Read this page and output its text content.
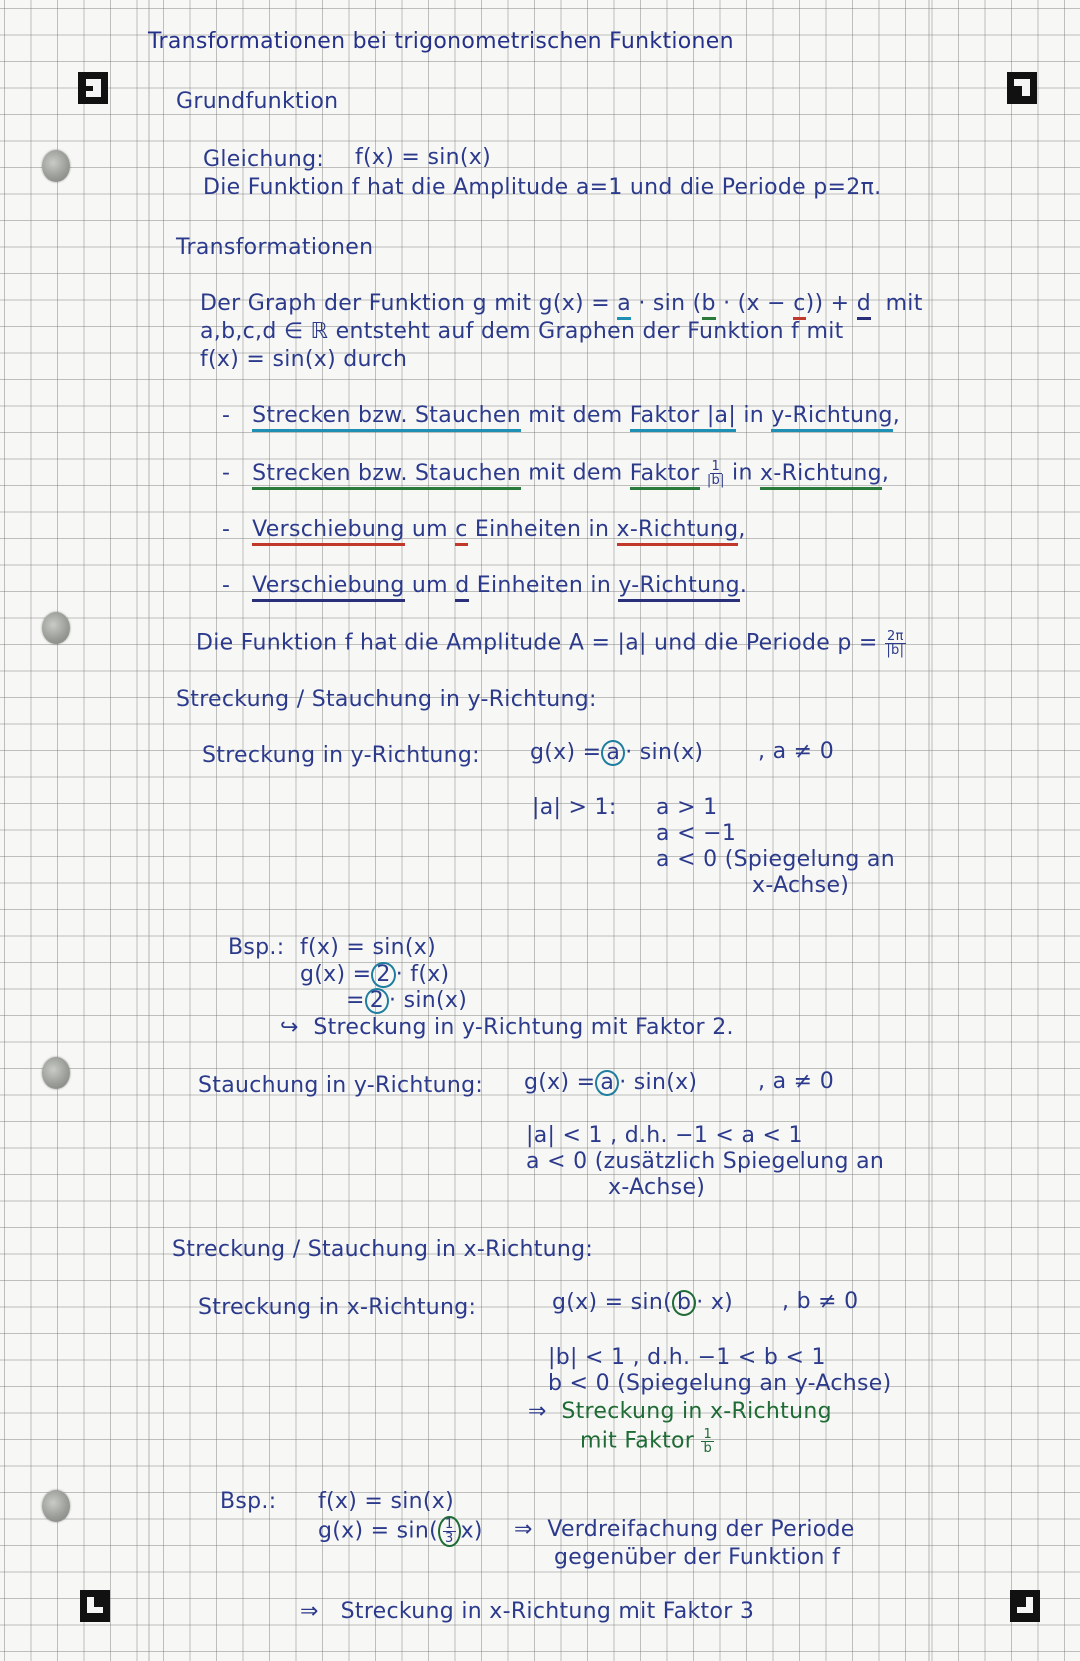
Transformationen bei trigonometrischen Funktionen
Grundfunktion
Gleichung: f(x) = sin(x)
Die Funktion f hat die Amplitude a=1 und die Periode p=2π.
Transformationen
Der Graph der Funktion g mit g(x) = a · sin (b · (x − c)) + d mit
a,b,c,d ∈ ℝ entsteht auf dem Graphen der Funktion f mit
f(x) = sin(x) durch
- Strecken bzw. Stauchen mit dem Faktor |a| in y-Richtung,
- Strecken bzw. Stauchen mit dem Faktor $\frac{1}{|b|}$ in x-Richtung,
- Verschiebung um c Einheiten in x-Richtung,
- Verschiebung um d Einheiten in y-Richtung.
Die Funktion f hat die Amplitude A = |a| und die Periode $p = \frac{2\pi}{|b|}$
Streckung / Stauchung in y-Richtung:
Streckung in y-Richtung: g(x) = a · sin(x) , a ≠ 0
|a| > 1: a > 1
a < −1
a < 0 (Spiegelung an
x-Achse)
Bsp.: f(x) = sin(x)
g(x) = 2 · f(x)
= 2 · sin(x)
↪ Streckung in y-Richtung mit Faktor 2.
Stauchung in y-Richtung: g(x) = a · sin(x)	, a ≠ 0
|a| < 1 , d.h. −1 < a < 1
a < 0 (zusätzlich Spiegelung an
x-Achse)
Streckung / Stauchung in x-Richtung:
Streckung in x-Richtung:	g(x) = sin( b · x) , b ≠ 0
|b| < 1 , d.h. −1 < b < 1
b < 0 (Spiegelung an y-Achse)
⇒ Streckung in x-Richtung
mit Faktor $\frac{1}{b}$
Bsp.: f(x) = sin(x)
$g(x) = \sin( \frac{1}{3} x)$ ⇒ Verdreifachung der Periode
gegenüber der Funktion f
⇒ Streckung in x-Richtung mit Faktor 3
